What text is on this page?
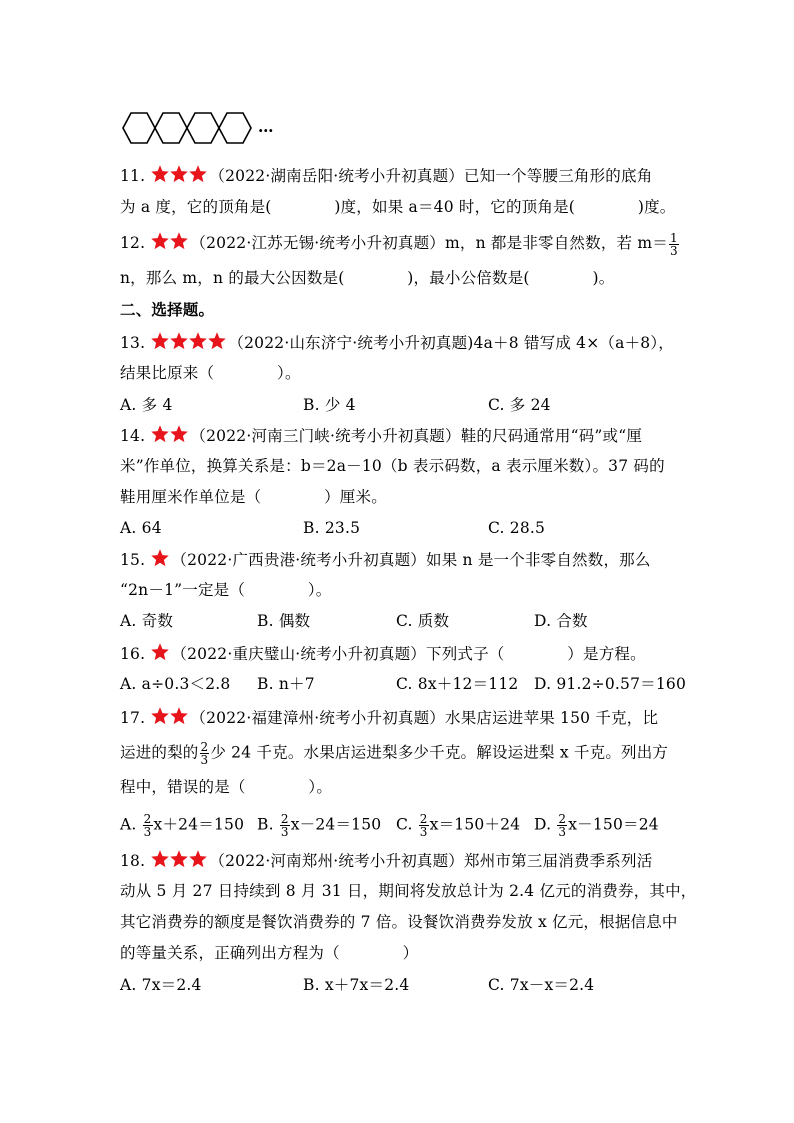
…
11.	（2022·湖南岳阳·统考小升初真题）已知一个等腰三角形的底角
为 a 度，它的顶角是(　　　　)度，如果 a＝40 时，它的顶角是(　　　　)度。
12.	（2022·江苏无锡·统考小升初真题）m，n 都是非零自然数，若 $m= \frac{1}{3}$
n，那么 m，n 的最大公因数是(　　　　)，最小公倍数是(　　　　)。
二、选择题。
13.	（2022·山东济宁·统考小升初真题)4a＋8 错写成 4×（a＋8），
结果比原来（　　　　）。
A. 多 4	B. 少 4	C. 多 24
14.	（2022·河南三门峡·统考小升初真题）鞋的尺码通常用“码”或“厘
米”作单位，换算关系是：b＝2a－10（b 表示码数，a 表示厘米数）。37 码的
鞋用厘米作单位是（　　　　）厘米。
A. 64	B. 23.5	C. 28.5
15. （2022·广西贵港·统考小升初真题）如果 n 是一个非零自然数，那么
“2n－1”一定是（　　　　）。
A. 奇数	B. 偶数	C. 质数	D. 合数
16. （2022·重庆璧山·统考小升初真题）下列式子（　　　　）是方程。
A. a÷0.3＜2.8 B. n＋7	C. 8x＋12＝112 D. 91.2÷0.57＝160
17.	（2022·福建漳州·统考小升初真题）水果店运进苹果 150 千克，比
运进的梨的 $\frac{2}{3}$ 少 24 千克。水果店运进梨多少千克。解设运进梨 x 千克。列出方
程中，错误的是（　　　　）。
A. $\frac{2}{3} x+24=150$ B. $\frac{2}{3} x-24=150$ C. $\frac{2}{3} x=150+24$ D. $\frac{2}{3} x-150=24$
18.	（2022·河南郑州·统考小升初真题）郑州市第三届消费季系列活
动从 5 月 27 日持续到 8 月 31 日，期间将发放总计为 2.4 亿元的消费券，其中，
其它消费券的额度是餐饮消费券的 7 倍。设餐饮消费券发放 x 亿元，根据信息中
的等量关系，正确列出方程为（　　　　）
A. 7x＝2.4	B. x＋7x＝2.4	C. 7x－x＝2.4
